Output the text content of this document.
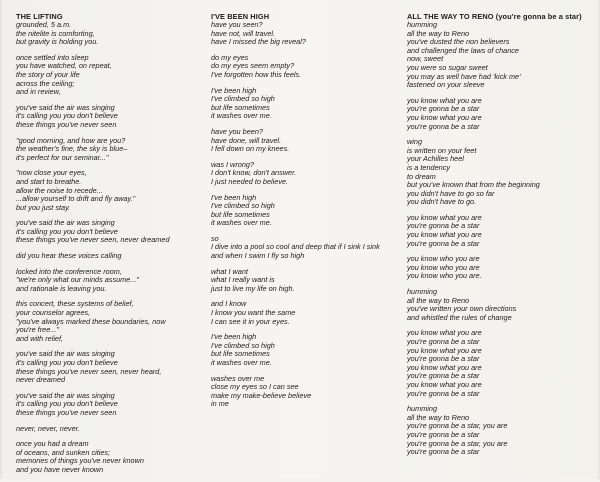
THE LIFTING
grounded, 5 a.m.
the nitelite is comforting,
but gravity is holding you.
once settled into sleep
you have watched, on repeat,
the story of your life
across the ceiling;
and in review,
you've said the air was singing
it's calling you you don't believe
these things you've never seen
"good morning, and how are you?
the weather's fine, the sky is blue–
it's perfect for our seminar..."
"now close your eyes,
and start to breathe.
allow the noise to recede...
...allow yourself to drift and fly away."
but you just stay.
you've said the air was singing
it's calling you you don't believe
these things you've never seen, never dreamed
did you hear these voices calling
locked into the conference room,
"we're only what our minds assume..."
and rationale is leaving you.
this concert, these systems of belief,
your counselor agrees,
"you've always marked these boundaries, now
you're free..."
and with relief,
you've said the air was singing
it's calling you you don't believe
these things you've never seen, never heard,
never dreamed
you've said the air was singing
it's calling you you don't believe
these things you've never seen
never, never, never.
once you had a dream
of oceans, and sunken cities;
memories of things you've never known
and you have never known
I'VE BEEN HIGH
have you seen?
have not, will travel.
have I missed the big reveal?
do my eyes
do my eyes seem empty?
I've forgotten how this feels.
I've been high
I've climbed so high
but life sometimes
it washes over me.
have you been?
have done, will travel.
I fell down on my knees.
was I wrong?
I don't know, don't answer.
I just needed to believe.
I've been high
I've climbed so high
but life sometimes
it washes over me.
so
I dive into a pool so cool and deep that if I sink I sink
and when I swim I fly so high
what I want
what I really want is
just to live my life on high.
and I know
I know you want the same
I can see it in your eyes.
I've been high
I've climbed so high
but life sometimes
it washes over me.
washes over me
close my eyes so I can see
make my make-believe believe
in me
ALL THE WAY TO RENO (you're gonna be a star)
humming
all the way to Reno
you've dusted the non believers
and challenged the laws of chance
now, sweet
you were so sugar sweet
you may as well have had 'kick me'
fastened on your sleeve
you know what you are
you're gonna be a star
you know what you are
you're gonna be a star
wing
is written on your feet
your Achilles heel
is a tendency
to dream
but you've known that from the beginning
you didn't have to go so far
you didn't have to go.
you know what you are
you're gonna be a star
you know what you are
you're gonna be a star
you know who you are
you know who you are
you know who you are.
humming
all the way to Reno
you've written your own directions
and whistled the rules of change
you know what you are
you're gonna be a star
you know what you are
you're gonna be a star
you know what you are
you're gonna be a star
you know what you are
you're gonna be a star
humming
all the way to Reno
you're gonna be a star, you are
you're gonna be a star
you're gonna be a star, you are
you're gonna be a star
